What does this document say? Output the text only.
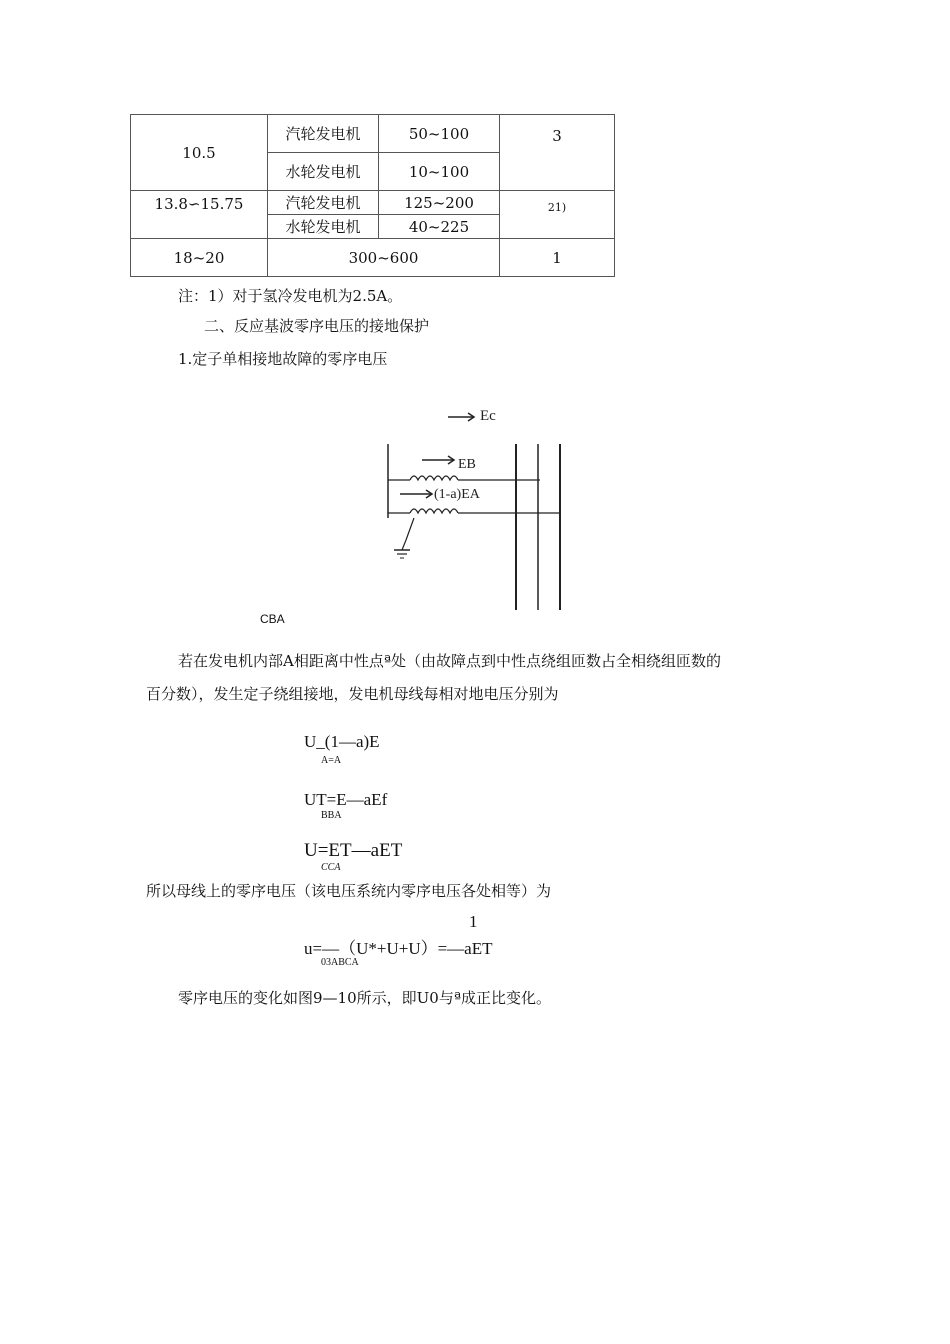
10.5	汽轮发电机	50~100	3
	水轮发电机	10~100	
13.8∽15.75	汽轮发电机	125~200	21)
	水轮发电机	40~225	
18~20	300~600		1
注：1）对于氢冷发电机为2.5A。
二、反应基波零序电压的接地保护
1.定子单相接地故障的零序电压
Ec
EB
(1-a)EA
CBA
若在发电机内部A相距离中性点ª处（由故障点到中性点绕组匝数占全相绕组匝数的
百分数），发生定子绕组接地，发电机母线每相对地电压分别为
U_(1—a)E
A=A
UT=E—aEf
BBA
U=ET—aET
CCA
所以母线上的零序电压（该电压系统内零序电压各处相等）为
1
u=—（U*+U+U）=—aET
03ABCA
零序电压的变化如图9—10所示，即U0与ª成正比变化。
